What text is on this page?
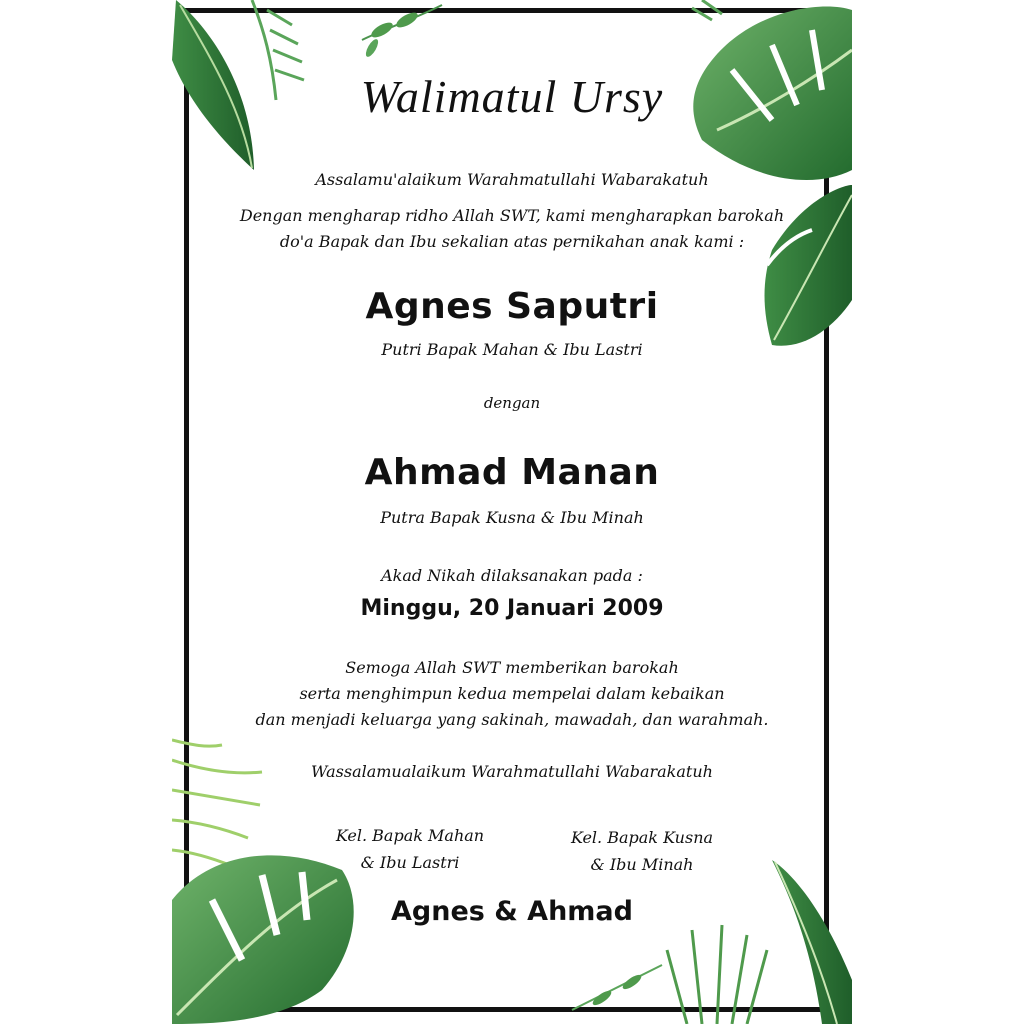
Walimatul Ursy
Assalamu'alaikum Warahmatullahi Wabarakatuh
Dengan mengharap ridho Allah SWT, kami mengharapkan barokah
do'a Bapak dan Ibu sekalian atas pernikahan anak kami :
Agnes Saputri
Putri Bapak Mahan & Ibu Lastri
dengan
Ahmad Manan
Putra Bapak Kusna & Ibu Minah
Akad Nikah dilaksanakan pada :
Minggu, 20 Januari 2009
Semoga Allah SWT memberikan barokah
serta menghimpun kedua mempelai dalam kebaikan
dan menjadi keluarga yang sakinah, mawadah, dan warahmah.
Wassalamualaikum Warahmatullahi Wabarakatuh
Kel. Bapak Mahan
& Ibu Lastri
Kel. Bapak Kusna
& Ibu Minah
Agnes & Ahmad
